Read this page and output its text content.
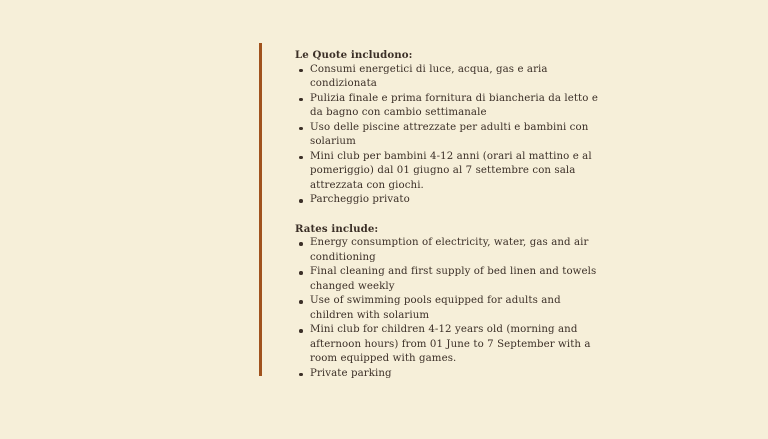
Le Quote includono:

Consumi energetici di luce, acqua, gas e aria condizionata
Pulizia finale e prima fornitura di biancheria da letto e da bagno con cambio settimanale
Uso delle piscine attrezzate per adulti e bambini con solarium
Mini club per bambini 4-12 anni (orari al mattino e al pomeriggio) dal 01 giugno al 7 settembre con sala attrezzata con giochi.
Parcheggio privato

Rates include:

Energy consumption of electricity, water, gas and air conditioning
Final cleaning and first supply of bed linen and towels changed weekly
Use of swimming pools equipped for adults and children with solarium
Mini club for children 4-12 years old (morning and afternoon hours) from 01 June to 7 September with a room equipped with games.
Private parking
